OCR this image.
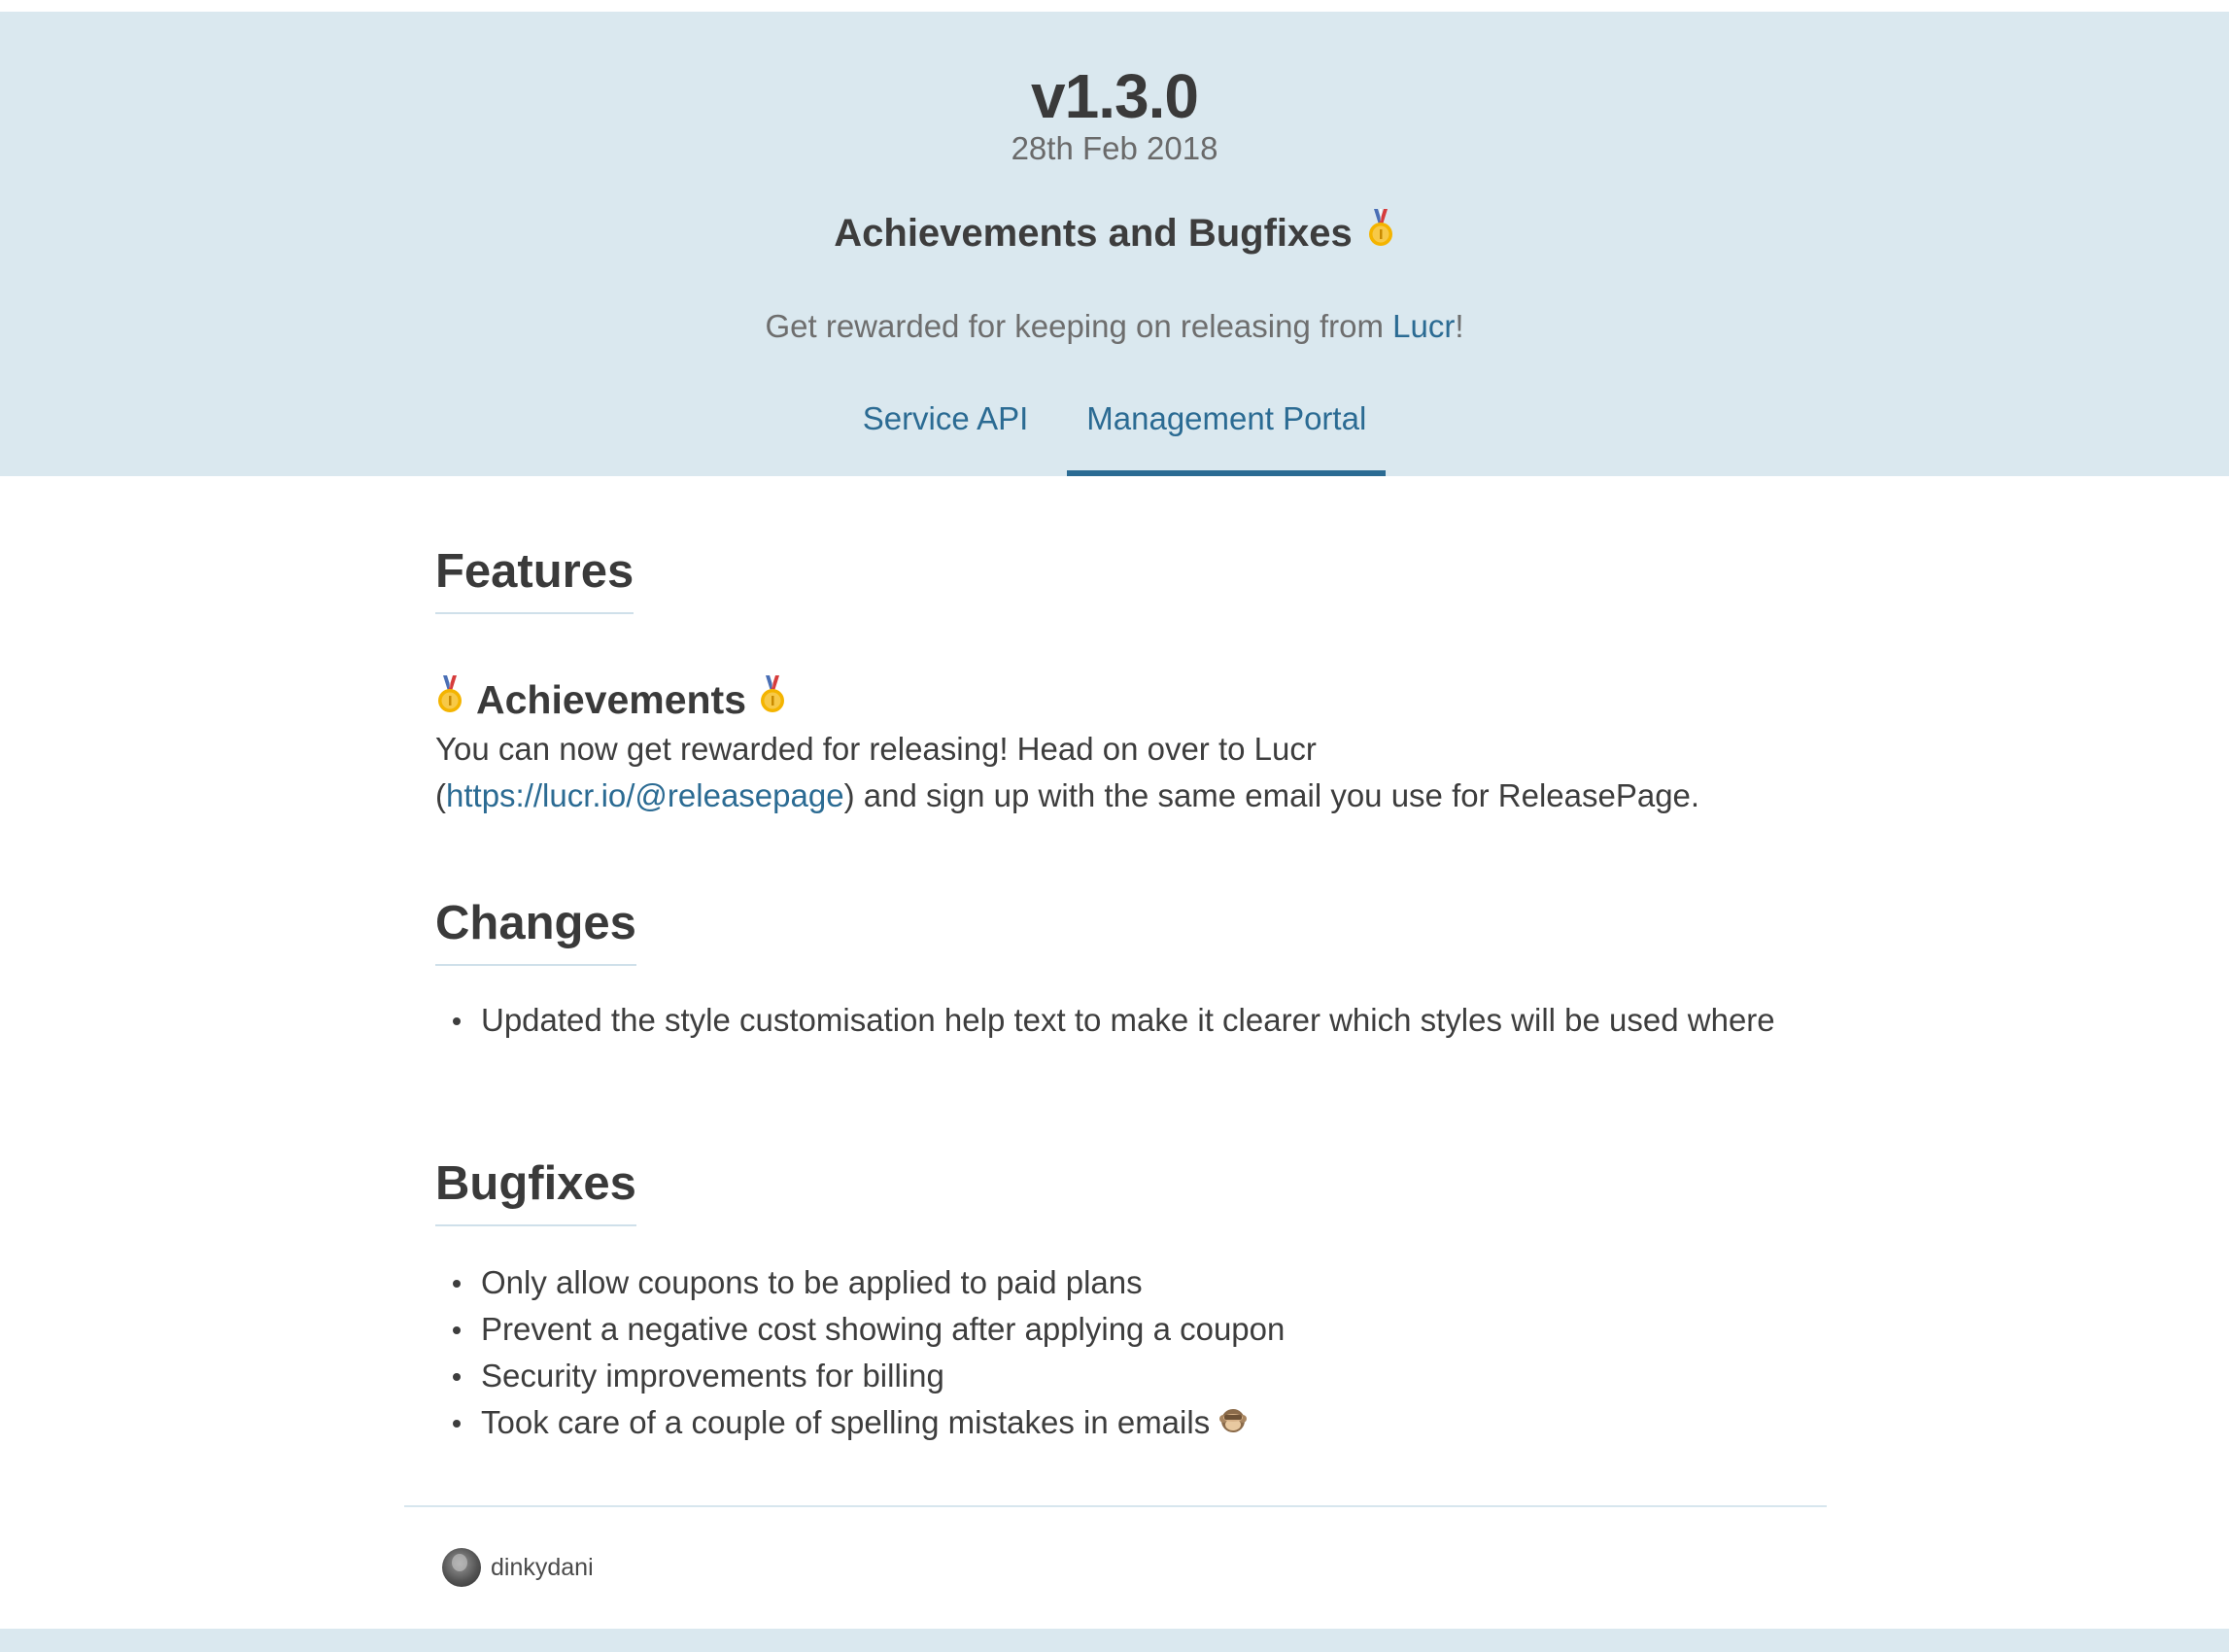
v1.3.0
28th Feb 2018
Achievements and Bugfixes
Get rewarded for keeping on releasing from Lucr!
Service API	Management Portal
Features
Achievements

You can now get rewarded for releasing! Head on over to Lucr
(https://lucr.io/@releasepage) and sign up with the same email you use for ReleasePage.

Changes
Updated the style customisation help text to make it clearer which styles will be used where
Bugfixes
Only allow coupons to be applied to paid plans
Prevent a negative cost showing after applying a coupon
Security improvements for billing
Took care of a couple of spelling mistakes in emails
dinkydani
